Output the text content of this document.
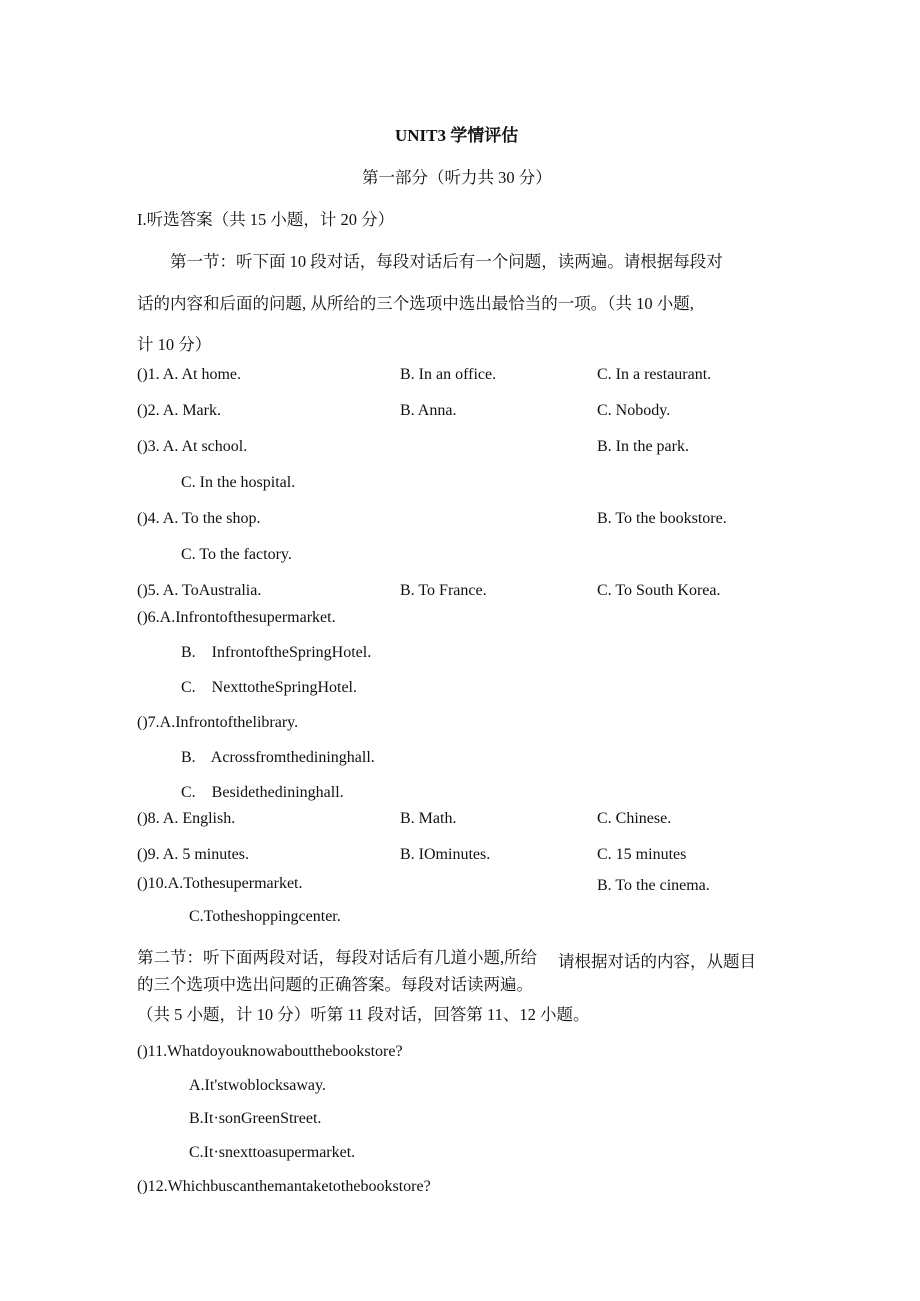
UNIT3 学情评估
第一部分（听力共 30 分）
I.听选答案（共 15 小题，计 20 分）
第一节：听下面 10 段对话，每段对话后有一个问题，读两遍。请根据每段对
话的内容和后面的问题, 从所给的三个选项中选出最恰当的一项。（共 10 小题,
计 10 分）
()1. A. At home.	B. In an office.	C. In a restaurant.
()2. A. Mark.	B. Anna.	C. Nobody.
()3. A. At school.	B. In the park.
C. In the hospital.
()4. A. To the shop.	B. To the bookstore.
C. To the factory.
()5. A. ToAustralia.	B. To France.	C. To South Korea.
()6.A.Infrontofthesupermarket.
B.    InfrontoftheSpringHotel.
C.    NexttotheSpringHotel.
()7.A.Infrontofthelibrary.
B.    Acrossfromthedininghall.
C.    Besidethedininghall.
()8. A. English.	B. Math.	C. Chinese.
()9. A. 5 minutes.	B. IOminutes.	C. 15 minutes
()10.A.Tothesupermarket.	B. To the cinema.
C.Totheshoppingcenter.
第二节：听下面两段对话，每段对话后有几道小题,所给 请根据对话的内容，从题目
的三个选项中选出问题的正确答案。每段对话读两遍。
（共 5 小题，计 10 分）听第 11 段对话，回答第 11、12 小题。
()11.Whatdoyouknowaboutthebookstore?
A.It'stwoblocksaway.
B.It·sonGreenStreet.
C.It·snexttoasupermarket.
()12.Whichbuscanthemantaketothebookstore?
